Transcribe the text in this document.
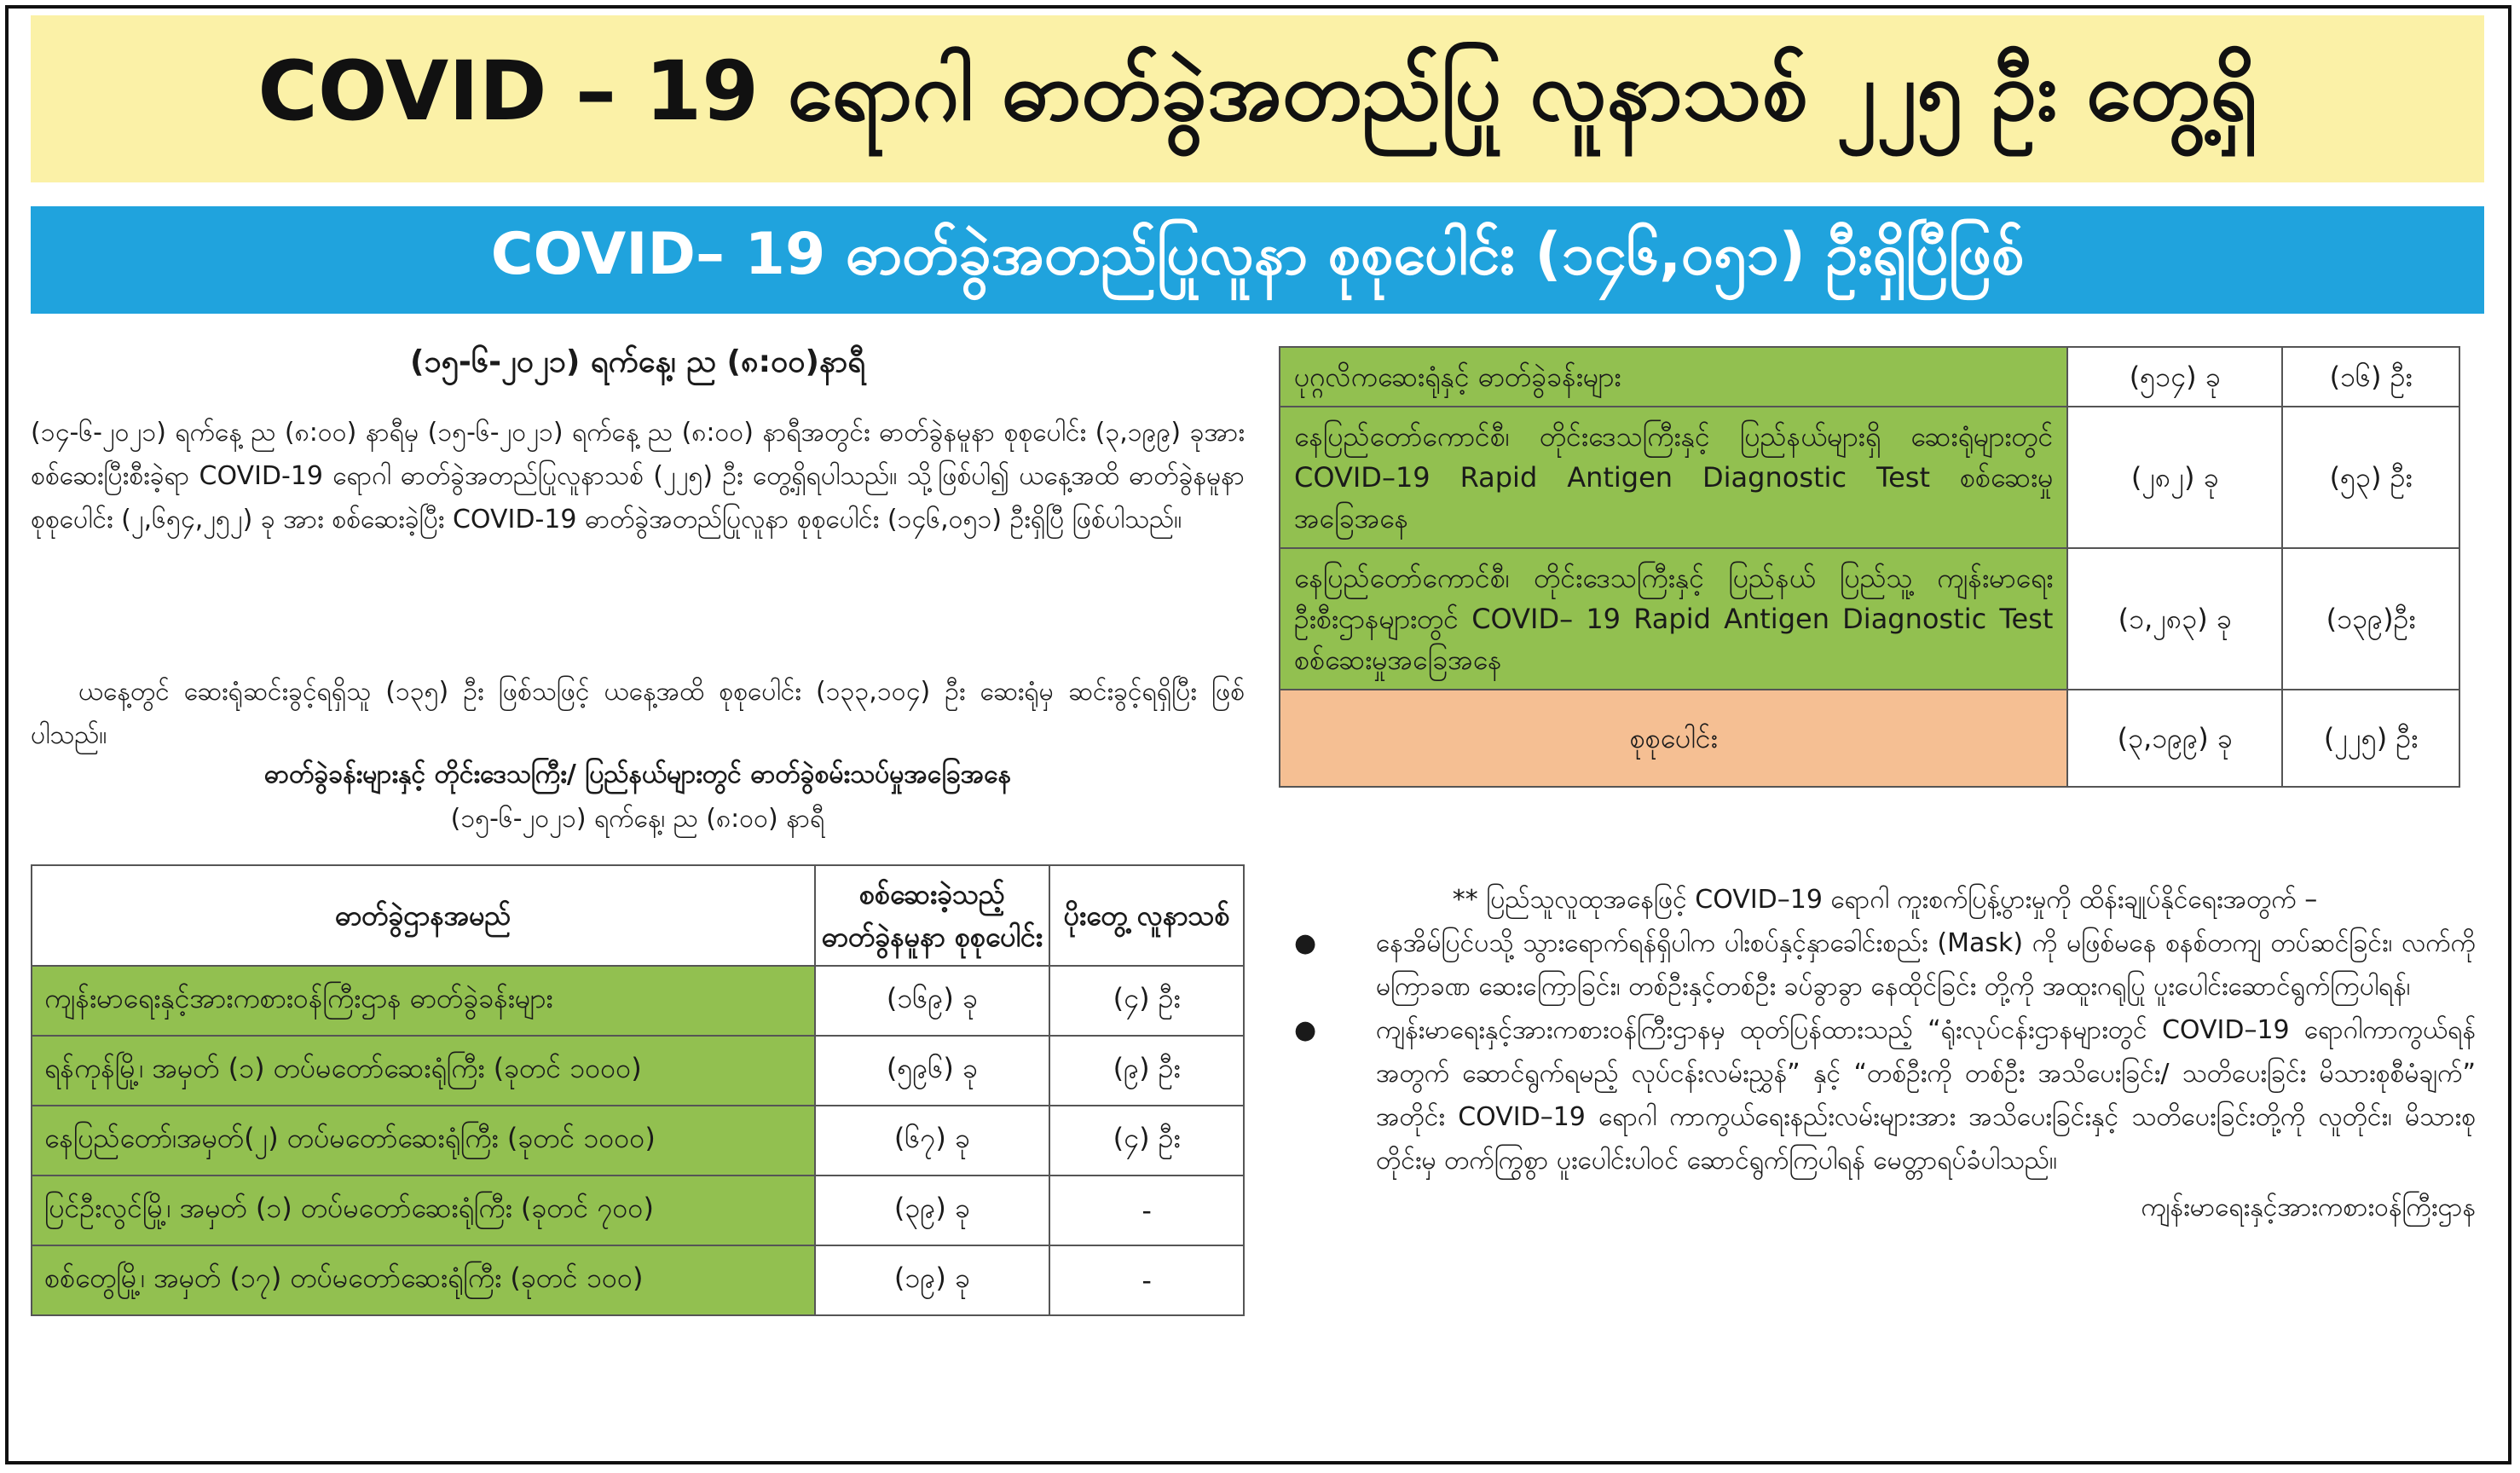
COVID – 19 ရောဂါ ဓာတ်ခွဲအတည်ပြု လူနာသစ် ၂၂၅ ဦး တွေ့ရှိ
COVID– 19 ဓာတ်ခွဲအတည်ပြုလူနာ စုစုပေါင်း (၁၄၆,၀၅၁) ဦးရှိပြီဖြစ်
(၁၅-၆-၂၀၂၁) ရက်နေ့၊ ည (၈:၀၀)နာရီ
(၁၄-၆-၂၀၂၁) ရက်နေ့ ည (၈:၀၀) နာရီမှ (၁၅-၆-၂၀၂၁) ရက်နေ့ ည (၈:၀၀) နာရီအတွင်း ဓာတ်ခွဲနမူနာ စုစုပေါင်း (၃,၁၉၉) ခုအား စစ်ဆေးပြီးစီးခဲ့ရာ COVID-19 ရောဂါ ဓာတ်ခွဲအတည်ပြုလူနာသစ် (၂၂၅) ဦး တွေ့ရှိရပါသည်။ သို့ဖြစ်ပါ၍ ယနေ့အထိ ဓာတ်ခွဲနမူနာ စုစုပေါင်း (၂,၆၅၄,၂၅၂) ခု အား စစ်ဆေးခဲ့ပြီး COVID-19 ဓာတ်ခွဲအတည်ပြုလူနာ စုစုပေါင်း (၁၄၆,၀၅၁) ဦးရှိပြီ ဖြစ်ပါသည်။
ယနေ့တွင် ဆေးရုံဆင်းခွင့်ရရှိသူ (၁၃၅) ဦး ဖြစ်သဖြင့် ယနေ့အထိ စုစုပေါင်း (၁၃၃,၁၀၄) ဦး ဆေးရုံမှ ဆင်းခွင့်ရရှိပြီး ဖြစ်ပါသည်။
ဓာတ်ခွဲခန်းများနှင့် တိုင်းဒေသကြီး/ ပြည်နယ်များတွင် ဓာတ်ခွဲစမ်းသပ်မှုအခြေအနေ
(၁၅-၆-၂၀၂၁) ရက်နေ့၊ ည (၈:၀၀) နာရီ
ဓာတ်ခွဲဌာနအမည်	စစ်ဆေးခဲ့သည့် ဓာတ်ခွဲနမူနာ စုစုပေါင်း	ပိုးတွေ့ လူနာသစ်
ကျန်းမာရေးနှင့်အားကစားဝန်ကြီးဌာန ဓာတ်ခွဲခန်းများ	(၁၆၉) ခု	(၄) ဦး
ရန်ကုန်မြို့၊ အမှတ် (၁) တပ်မတော်ဆေးရုံကြီး (ခုတင် ၁၀၀၀)	(၅၉၆) ခု	(၉) ဦး
နေပြည်တော်၊အမှတ်(၂) တပ်မတော်ဆေးရုံကြီး (ခုတင် ၁၀၀၀)	(၆၇) ခု	(၄) ဦး
ပြင်ဦးလွင်မြို့၊ အမှတ် (၁) တပ်မတော်ဆေးရုံကြီး (ခုတင် ၇၀၀)	(၃၉) ခု	-
စစ်တွေမြို့၊ အမှတ် (၁၇) တပ်မတော်ဆေးရုံကြီး (ခုတင် ၁၀၀)	(၁၉) ခု	-
ပုဂ္ဂလိကဆေးရုံနှင့် ဓာတ်ခွဲခန်းများ	(၅၁၄) ခု	(၁၆) ဦး
နေပြည်တော်ကောင်စီ၊ တိုင်းဒေသကြီးနှင့် ပြည်နယ်များရှိ ဆေးရုံများတွင် COVID–19 Rapid Antigen Diagnostic Test စစ်ဆေးမှုအခြေအနေ	(၂၈၂) ခု	(၅၃) ဦး
နေပြည်တော်ကောင်စီ၊ တိုင်းဒေသကြီးနှင့် ပြည်နယ် ပြည်သူ့ ကျန်းမာရေးဦးစီးဌာနများတွင် COVID– 19 Rapid Antigen Diagnostic Test စစ်ဆေးမှုအခြေအနေ	(၁,၂၈၃) ခု	(၁၃၉)ဦး
စုစုပေါင်း	(၃,၁၉၉) ခု	(၂၂၅) ဦး
** ပြည်သူလူထုအနေဖြင့် COVID–19 ရောဂါ ကူးစက်ပြန့်ပွားမှုကို ထိန်းချုပ်နိုင်ရေးအတွက် –
●	နေအိမ်ပြင်ပသို့ သွားရောက်ရန်ရှိပါက ပါးစပ်နှင့်နှာခေါင်းစည်း (Mask) ကို မဖြစ်မနေ စနစ်တကျ တပ်ဆင်ခြင်း၊ လက်ကို မကြာခဏ ဆေးကြောခြင်း၊ တစ်ဦးနှင့်တစ်ဦး ခပ်ခွာခွာ နေထိုင်ခြင်း တို့ကို အထူးဂရုပြု ပူးပေါင်းဆောင်ရွက်ကြပါရန်၊
●	ကျန်းမာရေးနှင့်အားကစားဝန်ကြီးဌာနမှ ထုတ်ပြန်ထားသည့် “ရုံးလုပ်ငန်းဌာနများတွင် COVID–19 ရောဂါကာကွယ်ရန်အတွက် ဆောင်ရွက်ရမည့် လုပ်ငန်းလမ်းညွှန်” နှင့် “တစ်ဦးကို တစ်ဦး အသိပေးခြင်း/ သတိပေးခြင်း မိသားစုစီမံချက်” အတိုင်း COVID–19 ရောဂါ ကာကွယ်ရေးနည်းလမ်းများအား အသိပေးခြင်းနှင့် သတိပေးခြင်းတို့ကို လူတိုင်း၊ မိသားစုတိုင်းမှ တက်ကြွစွာ ပူးပေါင်းပါဝင် ဆောင်ရွက်ကြပါရန် မေတ္တာရပ်ခံပါသည်။
ကျန်းမာရေးနှင့်အားကစားဝန်ကြီးဌာန
